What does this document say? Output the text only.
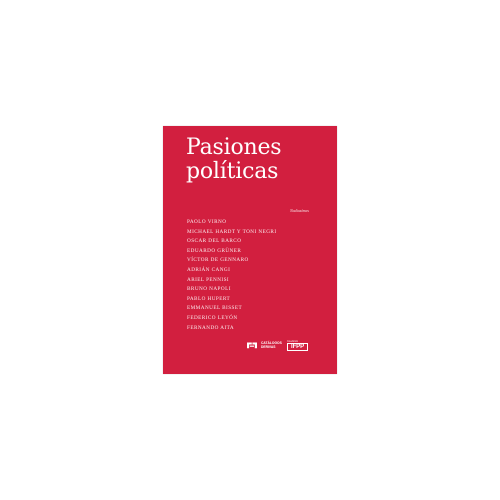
Pasiones
políticas
Nadiasímas
PAOLO VIRNO
MICHAEL HARDT Y TONI NEGRI
OSCAR DEL BARCO
EDUARDO GRÜNER
VÍCTOR DE GENNARO
ADRIÁN CANGI
ARIEL PENNISI
BRUNO NAPOLI
PABLO HUPERT
EMMANUEL BISSET
FEDERICO LEYÓN
FERNANDO AITA
CATÁLOGOS
DERIVAS
Coedición
IFPP
